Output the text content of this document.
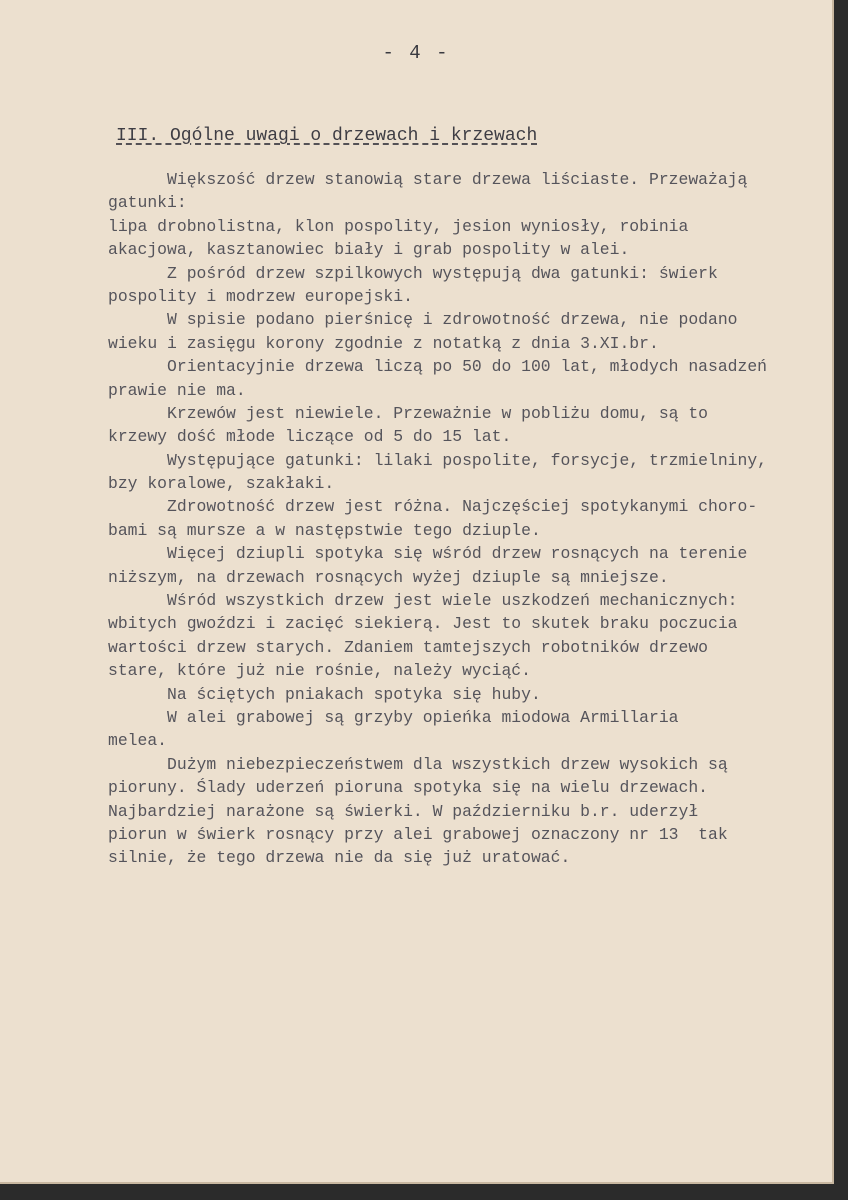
- 4 -
III. Ogólne uwagi o drzewach i krzewach
Większość drzew stanowią stare drzewa liściaste. Przeważają
gatunki:
lipa drobnolistna, klon pospolity, jesion wyniosły, robinia
akacjowa, kasztanowiec biały i grab pospolity w alei.
Z pośród drzew szpilkowych występują dwa gatunki: świerk
pospolity i modrzew europejski.
W spisie podano pierśnicę i zdrowotność drzewa, nie podano
wieku i zasięgu korony zgodnie z notatką z dnia 3.XI.br.
Orientacyjnie drzewa liczą po 50 do 100 lat, młodych nasadzeń
prawie nie ma.
Krzewów jest niewiele. Przeważnie w pobliżu domu, są to
krzewy dość młode liczące od 5 do 15 lat.
Występujące gatunki: lilaki pospolite, forsycje, trzmielniny,
bzy koralowe, szakłaki.
Zdrowotność drzew jest różna. Najczęściej spotykanymi choro-
bami są mursze a w następstwie tego dziuple.
Więcej dziupli spotyka się wśród drzew rosnących na terenie
niższym, na drzewach rosnących wyżej dziuple są mniejsze.
Wśród wszystkich drzew jest wiele uszkodzeń mechanicznych:
wbitych gwoździ i zacięć siekierą. Jest to skutek braku poczucia
wartości drzew starych. Zdaniem tamtejszych robotników drzewo
stare, które już nie rośnie, należy wyciąć.
Na ściętych pniakach spotyka się huby.
W alei grabowej są grzyby opieńka miodowa Armillaria
melea.
Dużym niebezpieczeństwem dla wszystkich drzew wysokich są
pioruny. Ślady uderzeń pioruna spotyka się na wielu drzewach.
Najbardziej narażone są świerki. W październiku b.r. uderzył
piorun w świerk rosnący przy alei grabowej oznaczony nr 13  tak
silnie, że tego drzewa nie da się już uratować.
